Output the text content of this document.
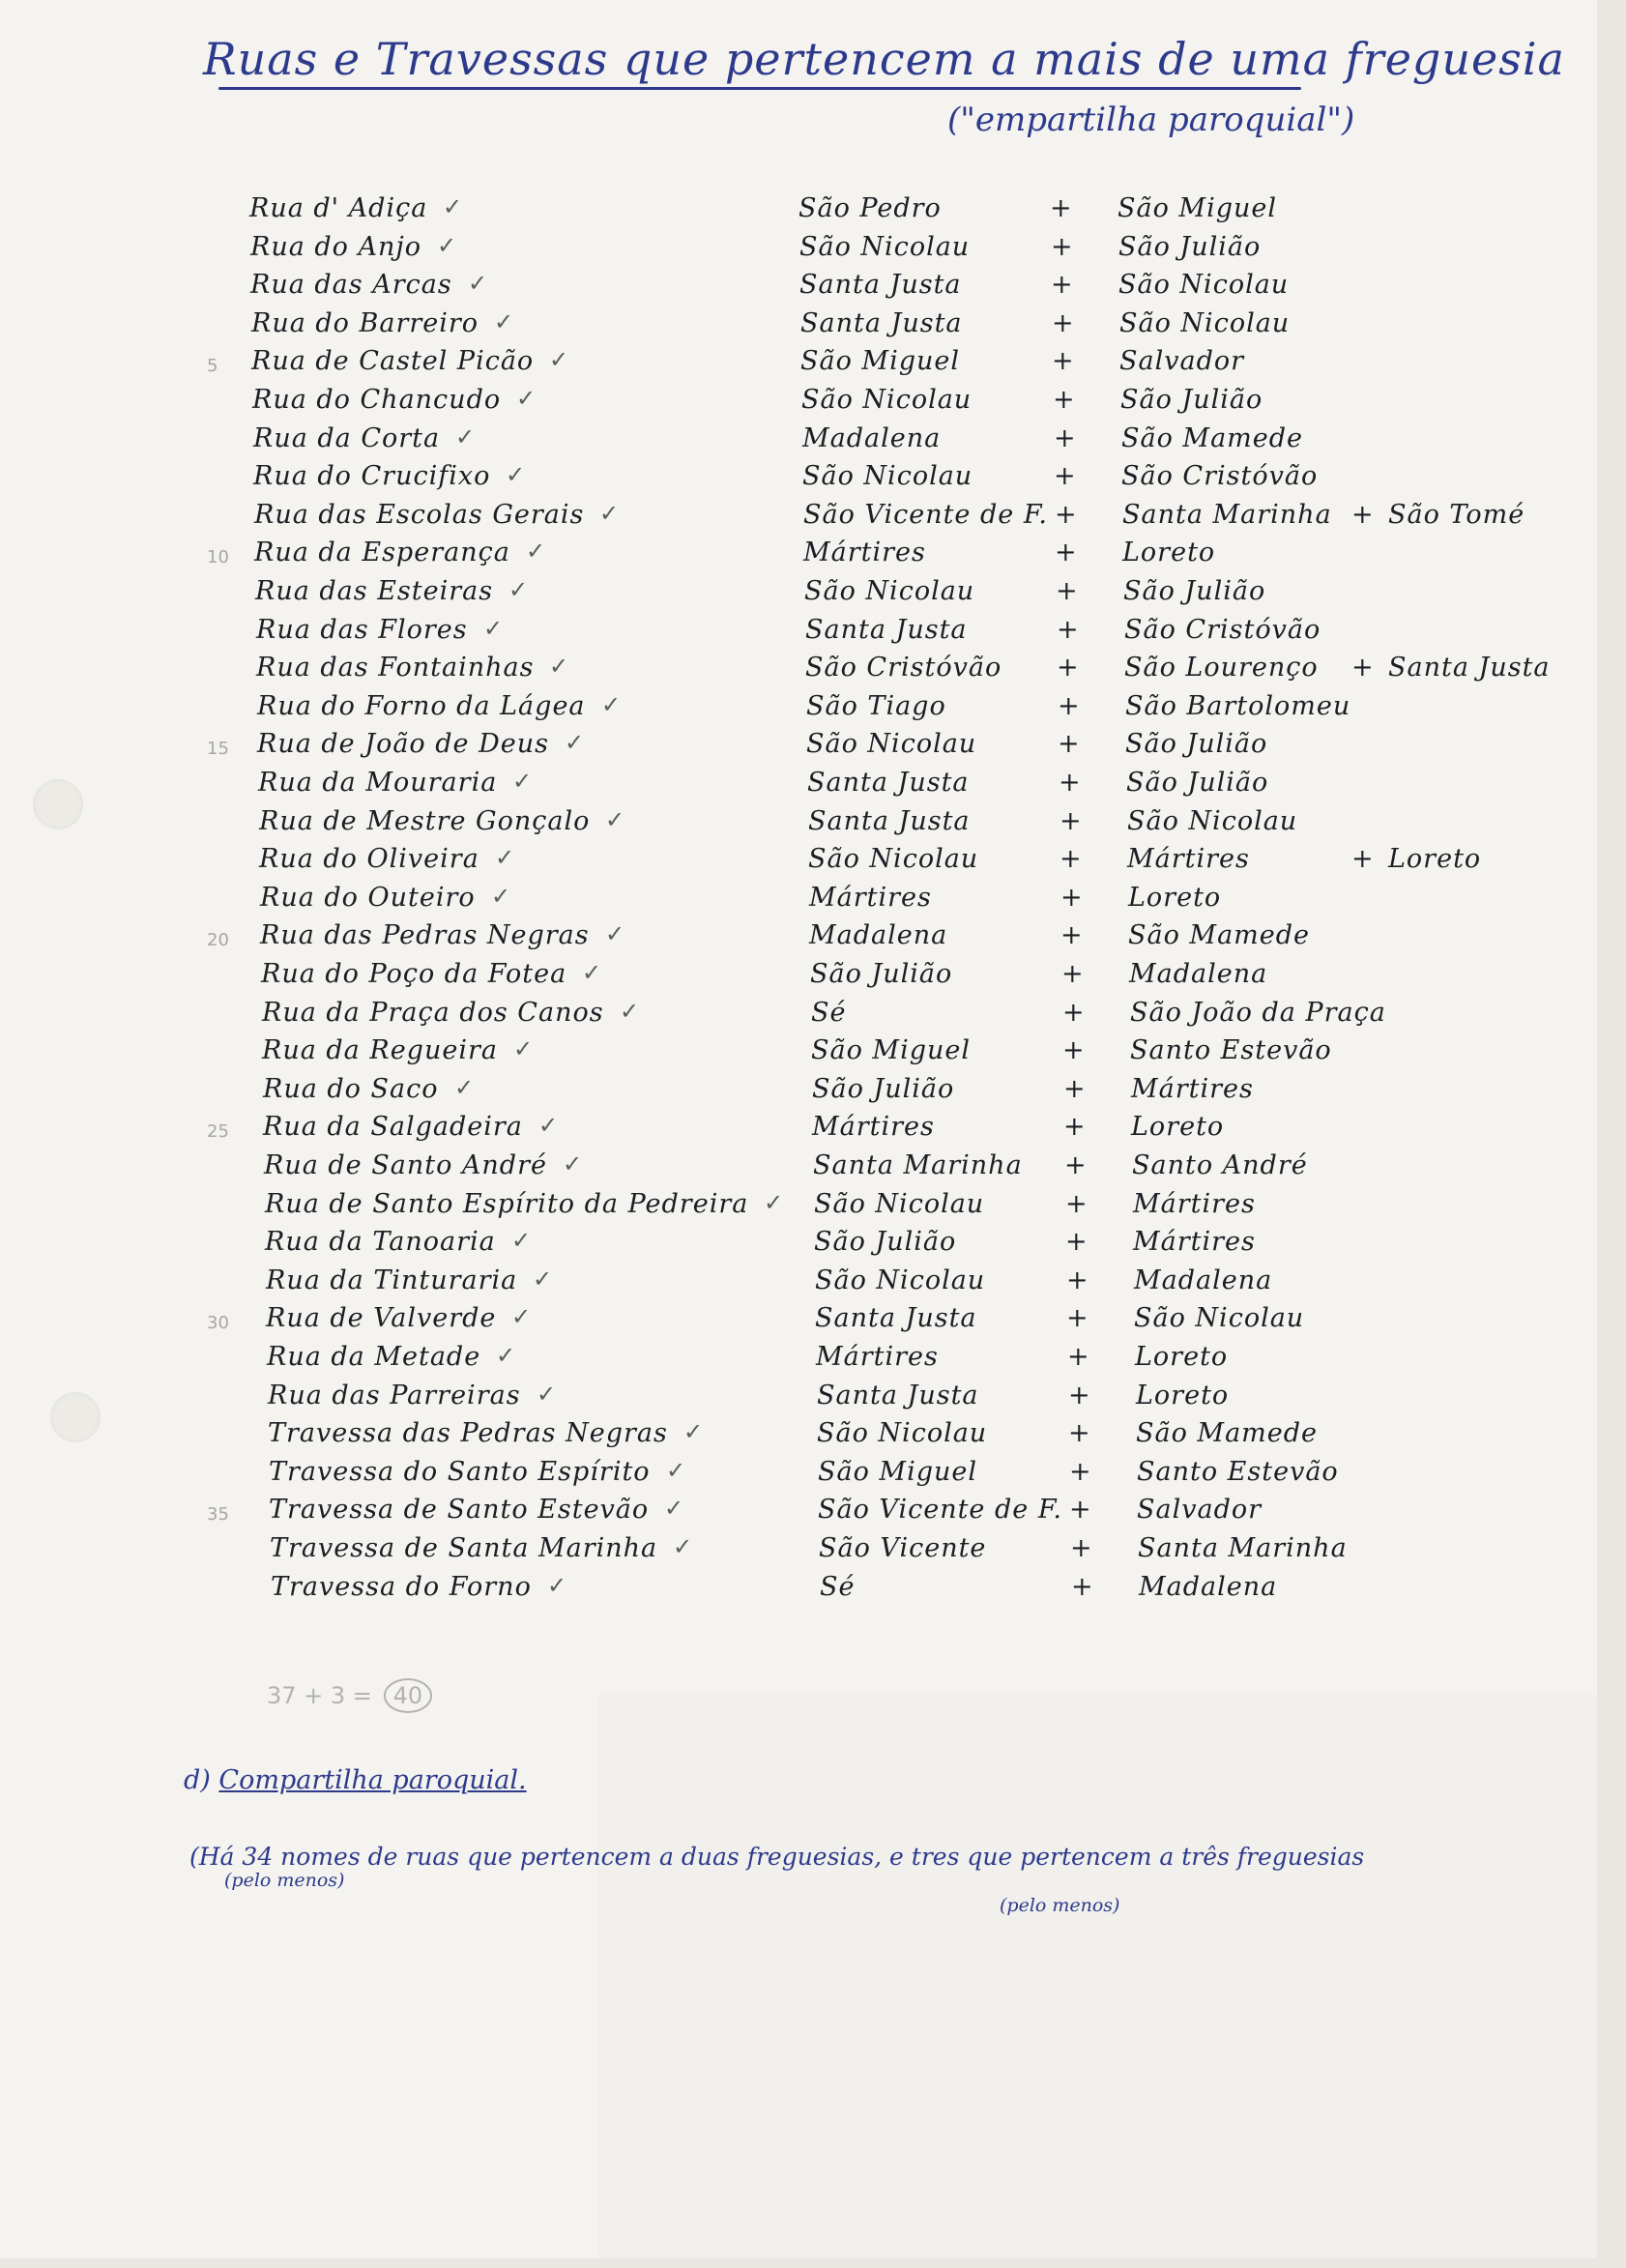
Ruas e Travessas que pertencem a mais de uma freguesia
("empartilha paroquial")
Rua d' Adiça ✓	São Pedro	+ São Miguel
Rua do Anjo ✓	São Nicolau	+ São Julião
Rua das Arcas ✓	Santa Justa	+ São Nicolau
Rua do Barreiro ✓	Santa Justa	+ São Nicolau
Rua de Castel Picão ✓	São Miguel	+ Salvador
Rua do Chancudo ✓	São Nicolau	+ São Julião
Rua da Corta ✓	Madalena	+ São Mamede
Rua do Crucifixo ✓	São Nicolau	+ São Cristóvão
Rua das Escolas Gerais ✓	São Vicente de F. + Santa Marinha + São Tomé
Rua da Esperança ✓	Mártires	+ Loreto
Rua das Esteiras ✓	São Nicolau	+ São Julião
Rua das Flores ✓	Santa Justa	+ São Cristóvão
Rua das Fontainhas ✓	São Cristóvão + São Lourenço + Santa Justa
Rua do Forno da Lágea ✓	São Tiago	+ São Bartolomeu
Rua de João de Deus ✓	São Nicolau	+ São Julião
Rua da Mouraria ✓	Santa Justa	+ São Julião
Rua de Mestre Gonçalo ✓	Santa Justa	+ São Nicolau
Rua do Oliveira ✓	São Nicolau	+ Mártires	+ Loreto
Rua do Outeiro ✓	Mártires	+ Loreto
Rua das Pedras Negras ✓	Madalena	+ São Mamede
Rua do Poço da Fotea ✓	São Julião	+ Madalena
Rua da Praça dos Canos ✓	Sé	+ São João da Praça
Rua da Regueira ✓	São Miguel	+ Santo Estevão
Rua do Saco ✓	São Julião	+ Mártires
Rua da Salgadeira ✓	Mártires	+ Loreto
Rua de Santo André ✓	Santa Marinha + Santo André
Rua de Santo Espírito da Pedreira ✓ São Nicolau	+ Mártires
Rua da Tanoaria ✓	São Julião	+ Mártires
Rua da Tinturaria ✓	São Nicolau	+ Madalena
Rua de Valverde ✓	Santa Justa	+ São Nicolau
Rua da Metade ✓	Mártires	+ Loreto
Rua das Parreiras ✓	Santa Justa	+ Loreto
Travessa das Pedras Negras ✓	São Nicolau	+ São Mamede
Travessa do Santo Espírito ✓	São Miguel	+ Santo Estevão
Travessa de Santo Estevão ✓	São Vicente de F. + Salvador
Travessa de Santa Marinha ✓	São Vicente	+ Santa Marinha
Travessa do Forno ✓	Sé	+ Madalena
5
10
15
20
25
30
35
37 + 3 = 40
d) Compartilha paroquial.
(Há 34 nomes de ruas que pertencem a duas freguesias, e tres que pertencem a três freguesias
(pelo menos)
(pelo menos)
